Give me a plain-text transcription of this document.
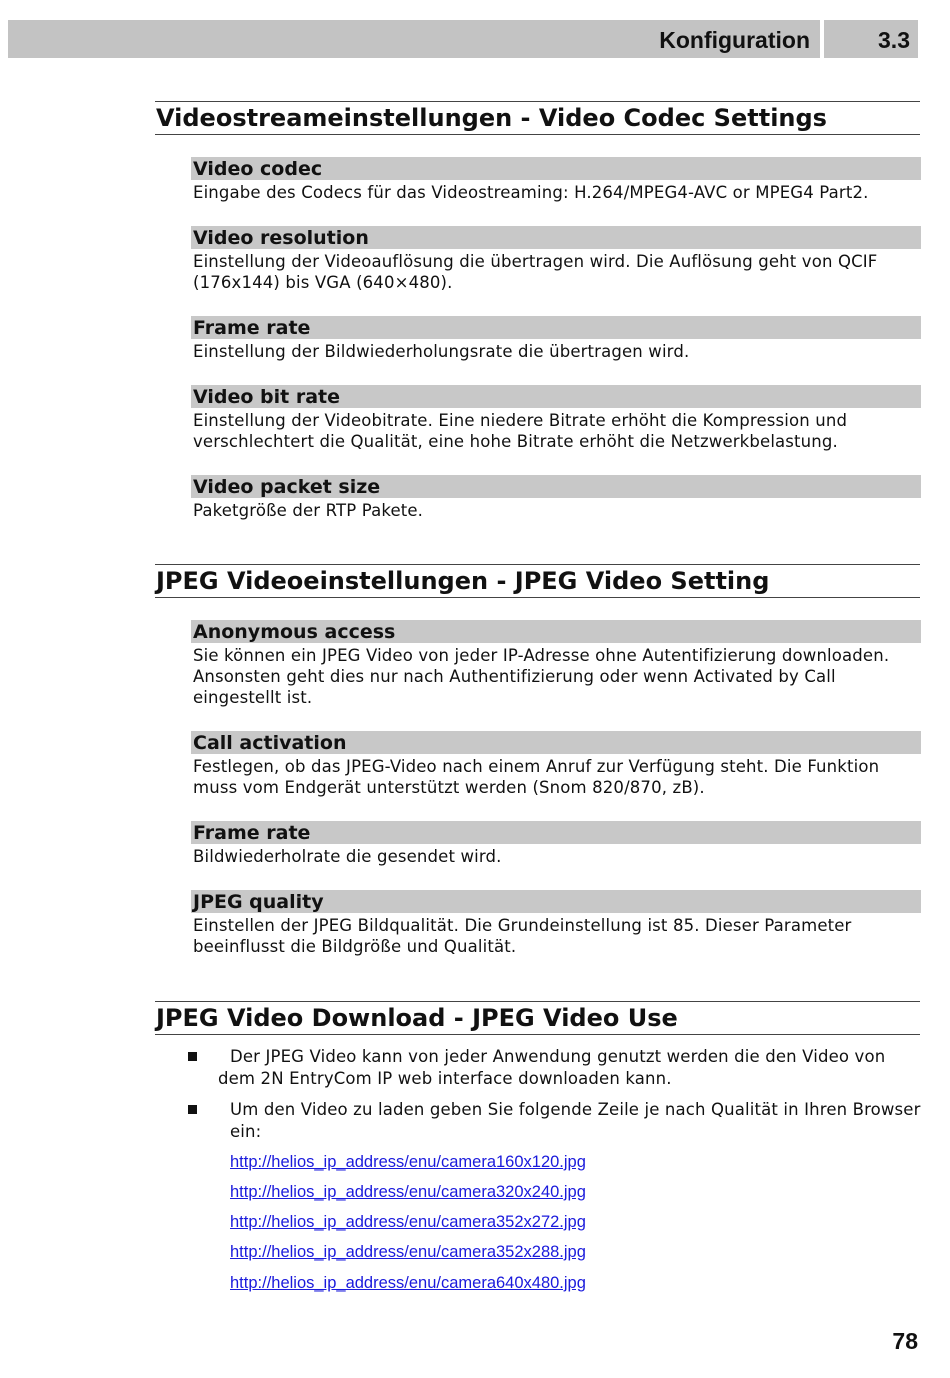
Konfiguration	3.3
Videostreameinstellungen - Video Codec Settings
Video codec
Eingabe des Codecs für das Videostreaming: H.264/MPEG4-AVC or MPEG4 Part2.
Video resolution
Einstellung der Videoauflösung die übertragen wird. Die Auflösung geht von QCIF (176x144) bis VGA (640×480).
Frame rate
Einstellung der Bildwiederholungsrate die übertragen wird.
Video bit rate
Einstellung der Videobitrate. Eine niedere Bitrate erhöht die Kompression und verschlechtert die Qualität, eine hohe Bitrate erhöht die Netzwerkbelastung.
Video packet size
Paketgröße der RTP Pakete.
JPEG Videoeinstellungen - JPEG Video Setting
Anonymous access
Sie können ein JPEG Video von jeder IP-Adresse ohne Autentifizierung downloaden. Ansonsten geht dies nur nach Authentifizierung oder wenn Activated by Call eingestellt ist.
Call activation
Festlegen, ob das JPEG-Video nach einem Anruf zur Verfügung steht. Die Funktion muss vom Endgerät unterstützt werden (Snom 820/870, zB).
Frame rate
Bildwiederholrate die gesendet wird.
JPEG quality
Einstellen der JPEG Bildqualität. Die Grundeinstellung ist 85. Dieser Parameter beeinflusst die Bildgröße und Qualität.
JPEG Video Download - JPEG Video Use
Der JPEG Video kann von jeder Anwendung genutzt werden die den Video von dem 2N EntryCom IP web interface downloaden kann.
Um den Video zu laden geben Sie folgende Zeile je nach Qualität in Ihren Browser ein:
http://helios_ip_address/enu/camera160x120.jpg
http://helios_ip_address/enu/camera320x240.jpg
http://helios_ip_address/enu/camera352x272.jpg
http://helios_ip_address/enu/camera352x288.jpg
http://helios_ip_address/enu/camera640x480.jpg
78
